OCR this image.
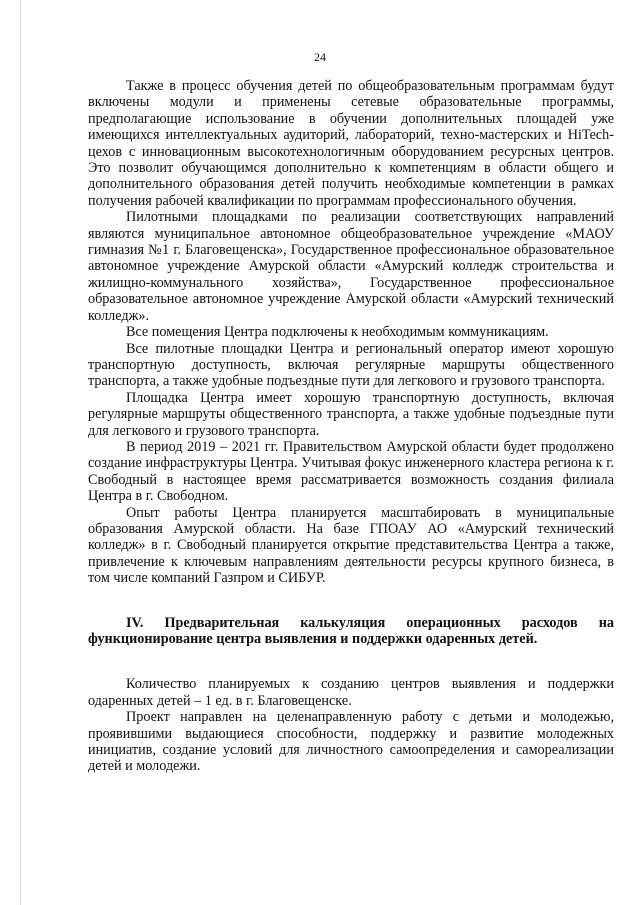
24

Также в процесс обучения детей по общеобразовательным программам будут включены модули и применены сетевые образовательные программы, предполагающие использование в обучении дополнительных площадей уже имеющихся интеллектуальных аудиторий, лабораторий, техно-мастерских и HiTech-цехов с инновационным высокотехнологичным оборудованием ресурсных центров. Это позволит обучающимся дополнительно к компетенциям в области общего и дополнительного образования детей получить необходимые компетенции в рамках получения рабочей квалификации по программам профессионального обучения.

Пилотными площадками по реализации соответствующих направлений являются муниципальное автономное общеобразовательное учреждение «МАОУ гимназия №1 г. Благовещенска», Государственное профессиональное образовательное автономное учреждение Амурской области «Амурский колледж строительства и жилищно-коммунального хозяйства», Государственное профессиональное образовательное автономное учреждение Амурской области «Амурский технический колледж».

Все помещения Центра подключены к необходимым коммуникациям.

Все пилотные площадки Центра и региональный оператор имеют хорошую транспортную доступность, включая регулярные маршруты общественного транспорта, а также удобные подъездные пути для легкового и грузового транспорта.

Площадка Центра имеет хорошую транспортную доступность, включая регулярные маршруты общественного транспорта, а также удобные подъездные пути для легкового и грузового транспорта.

В период 2019 – 2021 гг. Правительством Амурской области будет продолжено создание инфраструктуры Центра. Учитывая фокус инженерного кластера региона к г. Свободный в настоящее время рассматривается возможность создания филиала Центра в г. Свободном.

Опыт работы Центра планируется масштабировать в муниципальные образования Амурской области. На базе ГПОАУ АО «Амурский технический колледж» в г. Свободный планируется открытие представительства Центра а также, привлечение к ключевым направлениям деятельности ресурсы крупного бизнеса, в том числе компаний Газпром и СИБУР.

IV. Предварительная калькуляция операционных расходов на функционирование центра выявления и поддержки одаренных детей.

Количество планируемых к созданию центров выявления и поддержки одаренных детей – 1 ед. в г. Благовещенске.

Проект направлен на целенаправленную работу с детьми и молодежью, проявившими выдающиеся способности, поддержку и развитие молодежных инициатив, создание условий для личностного самоопределения и самореализации детей и молодежи.
